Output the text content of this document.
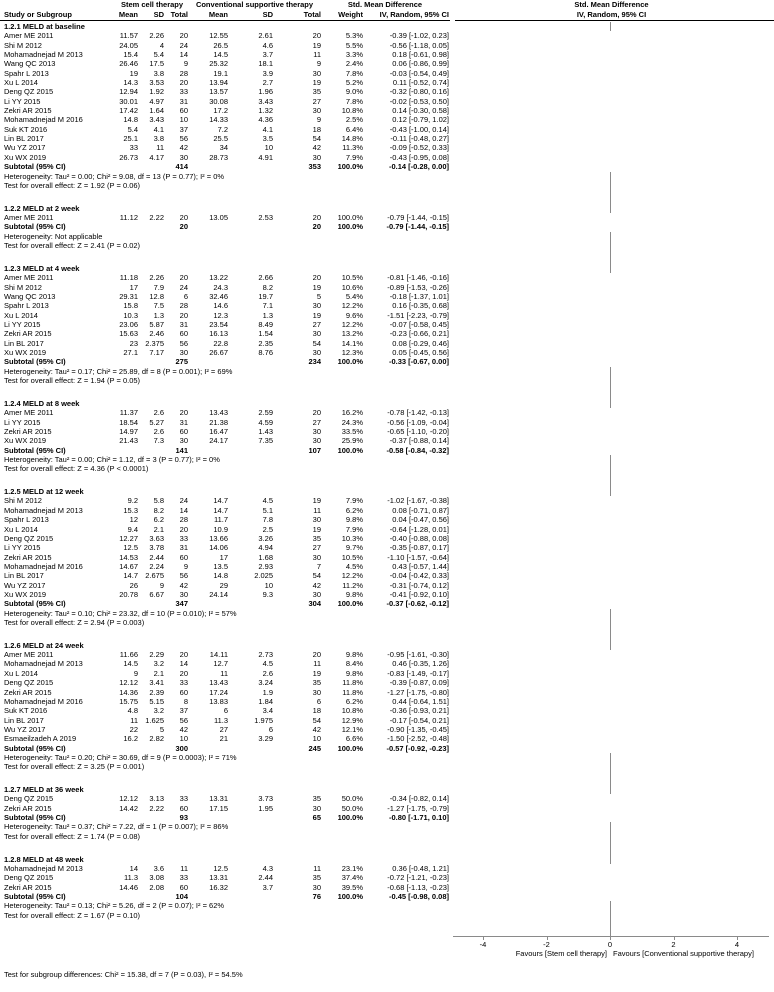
Stem cell therapy	Conventional supportive therapy	Std. Mean Difference	Std. Mean Difference
Study or Subgroup	Mean	SD Total	Mean	SD	Total	Weight	IV, Random, 95% CI	IV, Random, 95% CI
1.2.1 MELD at baseline
Amer ME 2011	11.57	2.26	20	12.55	2.61	20	5.3%	-0.39 [-1.02, 0.23]
Shi M 2012	24.05	4	24	26.5	4.6	19	5.5%	-0.56 [-1.18, 0.05]
Mohamadnejad M 2013	15.4	5.4	14	14.5	3.7	11	3.3%	0.18 [-0.61, 0.98]
Wang QC 2013	26.46	17.5	9	25.32	18.1	9	2.4%	0.06 [-0.86, 0.99]
Spahr L 2013	19	3.8	28	19.1	3.9	30	7.8%	-0.03 [-0.54, 0.49]
Xu L 2014	14.3	3.53	20	13.94	2.7	19	5.2%	0.11 [-0.52, 0.74]
Deng QZ 2015	12.94	1.92	33	13.57	1.96	35	9.0%	-0.32 [-0.80, 0.16]
Li YY 2015	30.01	4.97	31	30.08	3.43	27	7.8%	-0.02 [-0.53, 0.50]
Zekri AR 2015	17.42	1.64	60	17.2	1.32	30	10.8%	0.14 [-0.30, 0.58]
Mohamadnejad M 2016	14.8	3.43	10	14.33	4.36	9	2.5%	0.12 [-0.79, 1.02]
Suk KT 2016	5.4	4.1	37	7.2	4.1	18	6.4%	-0.43 [-1.00, 0.14]
Lin BL 2017	25.1	3.8	56	25.5	3.5	54	14.8%	-0.11 [-0.48, 0.27]
Wu YZ 2017	33	11	42	34	10	42	11.3%	-0.09 [-0.52, 0.33]
Xu WX 2019	26.73	4.17	30	28.73	4.91	30	7.9%	-0.43 [-0.95, 0.08]
Subtotal (95% CI)	414	353	100.0%	-0.14 [-0.28, 0.00]
Heterogeneity: Tau² = 0.00; Chi² = 9.08, df = 13 (P = 0.77); I² = 0%
Test for overall effect: Z = 1.92 (P = 0.06)
1.2.2 MELD at 2 week
Amer ME 2011	11.12	2.22	20	13.05	2.53	20	100.0%	-0.79 [-1.44, -0.15]
Subtotal (95% CI)	20	20	100.0%	-0.79 [-1.44, -0.15]
Heterogeneity: Not applicable
Test for overall effect: Z = 2.41 (P = 0.02)
1.2.3 MELD at 4 week
Amer ME 2011	11.18	2.26	20	13.22	2.66	20	10.5%	-0.81 [-1.46, -0.16]
Shi M 2012	17	7.9	24	24.3	8.2	19	10.6%	-0.89 [-1.53, -0.26]
Wang QC 2013	29.31	12.8	6	32.46	19.7	5	5.4%	-0.18 [-1.37, 1.01]
Spahr L 2013	15.8	7.5	28	14.6	7.1	30	12.2%	0.16 [-0.35, 0.68]
Xu L 2014	10.3	1.3	20	12.3	1.3	19	9.6%	-1.51 [-2.23, -0.79]
Li YY 2015	23.06	5.87	31	23.54	8.49	27	12.2%	-0.07 [-0.58, 0.45]
Zekri AR 2015	15.63	2.46	60	16.13	1.54	30	13.2%	-0.23 [-0.66, 0.21]
Lin BL 2017	23 2.375	56	22.8	2.35	54	14.1%	0.08 [-0.29, 0.46]
Xu WX 2019	27.1	7.17	30	26.67	8.76	30	12.3%	0.05 [-0.45, 0.56]
Subtotal (95% CI)	275	234	100.0%	-0.33 [-0.67, 0.00]
Heterogeneity: Tau² = 0.17; Chi² = 25.89, df = 8 (P = 0.001); I² = 69%
Test for overall effect: Z = 1.94 (P = 0.05)
1.2.4 MELD at 8 week
Amer ME 2011	11.37	2.6	20	13.43	2.59	20	16.2%	-0.78 [-1.42, -0.13]
Li YY 2015	18.54	5.27	31	21.38	4.59	27	24.3%	-0.56 [-1.09, -0.04]
Zekri AR 2015	14.97	2.6	60	16.47	1.43	30	33.5%	-0.65 [-1.10, -0.20]
Xu WX 2019	21.43	7.3	30	24.17	7.35	30	25.9%	-0.37 [-0.88, 0.14]
Subtotal (95% CI)	141	107	100.0%	-0.58 [-0.84, -0.32]
Heterogeneity: Tau² = 0.00; Chi² = 1.12, df = 3 (P = 0.77); I² = 0%
Test for overall effect: Z = 4.36 (P < 0.0001)
1.2.5 MELD at 12 week
Shi M 2012	9.2	5.8	24	14.7	4.5	19	7.9%	-1.02 [-1.67, -0.38]
Mohamadnejad M 2013	15.3	8.2	14	14.7	5.1	11	6.2%	0.08 [-0.71, 0.87]
Spahr L 2013	12	6.2	28	11.7	7.8	30	9.8%	0.04 [-0.47, 0.56]
Xu L 2014	9.4	2.1	20	10.9	2.5	19	7.9%	-0.64 [-1.28, 0.01]
Deng QZ 2015	12.27	3.63	33	13.66	3.26	35	10.3%	-0.40 [-0.88, 0.08]
Li YY 2015	12.5	3.78	31	14.06	4.94	27	9.7%	-0.35 [-0.87, 0.17]
Zekri AR 2015	14.53	2.44	60	17	1.68	30	10.5%	-1.10 [-1.57, -0.64]
Mohamadnejad M 2016	14.67	2.24	9	13.5	2.93	7	4.5%	0.43 [-0.57, 1.44]
Lin BL 2017	14.7 2.675	56	14.8	2.025	54	12.2%	-0.04 [-0.42, 0.33]
Wu YZ 2017	26	9	42	29	10	42	11.2%	-0.31 [-0.74, 0.12]
Xu WX 2019	20.78	6.67	30	24.14	9.3	30	9.8%	-0.41 [-0.92, 0.10]
Subtotal (95% CI)	347	304	100.0%	-0.37 [-0.62, -0.12]
Heterogeneity: Tau² = 0.10; Chi² = 23.32, df = 10 (P = 0.010); I² = 57%
Test for overall effect: Z = 2.94 (P = 0.003)
1.2.6 MELD at 24 week
Amer ME 2011	11.66	2.29	20	14.11	2.73	20	9.8%	-0.95 [-1.61, -0.30]
Mohamadnejad M 2013	14.5	3.2	14	12.7	4.5	11	8.4%	0.46 [-0.35, 1.26]
Xu L 2014	9	2.1	20	11	2.6	19	9.8%	-0.83 [-1.49, -0.17]
Deng QZ 2015	12.12	3.41	33	13.43	3.24	35	11.8%	-0.39 [-0.87, 0.09]
Zekri AR 2015	14.36	2.39	60	17.24	1.9	30	11.8%	-1.27 [-1.75, -0.80]
Mohamadnejad M 2016	15.75	5.15	8	13.83	1.84	6	6.2%	0.44 [-0.64, 1.51]
Suk KT 2016	4.8	3.2	37	6	3.4	18	10.8%	-0.36 [-0.93, 0.21]
Lin BL 2017	11 1.625	56	11.3	1.975	54	12.9%	-0.17 [-0.54, 0.21]
Wu YZ 2017	22	5	42	27	6	42	12.1%	-0.90 [-1.35, -0.45]
Esmaeilzadeh A 2019	16.2	2.82	10	21	3.29	10	6.6%	-1.50 [-2.52, -0.48]
Subtotal (95% CI)	300	245	100.0%	-0.57 [-0.92, -0.23]
Heterogeneity: Tau² = 0.20; Chi² = 30.69, df = 9 (P = 0.0003); I² = 71%
Test for overall effect: Z = 3.25 (P = 0.001)
1.2.7 MELD at 36 week
Deng QZ 2015	12.12	3.13	33	13.31	3.73	35	50.0%	-0.34 [-0.82, 0.14]
Zekri AR 2015	14.42	2.22	60	17.15	1.95	30	50.0%	-1.27 [-1.75, -0.79]
Subtotal (95% CI)	93	65	100.0%	-0.80 [-1.71, 0.10]
Heterogeneity: Tau² = 0.37; Chi² = 7.22, df = 1 (P = 0.007); I² = 86%
Test for overall effect: Z = 1.74 (P = 0.08)
1.2.8 MELD at 48 week
Mohamadnejad M 2013	14	3.6	11	12.5	4.3	11	23.1%	0.36 [-0.48, 1.21]
Deng QZ 2015	11.3	3.08	33	13.31	2.44	35	37.4%	-0.72 [-1.21, -0.23]
Zekri AR 2015	14.46	2.08	60	16.32	3.7	30	39.5%	-0.68 [-1.13, -0.23]
Subtotal (95% CI)	104	76	100.0%	-0.45 [-0.98, 0.08]
Heterogeneity: Tau² = 0.13; Chi² = 5.26, df = 2 (P = 0.07); I² = 62%
Test for overall effect: Z = 1.67 (P = 0.10)
-4	-2	0	2	4
Favours [Stem cell therapy] Favours [Conventional supportive therapy]
Test for subgroup differences: Chi² = 15.38, df = 7 (P = 0.03), I² = 54.5%
